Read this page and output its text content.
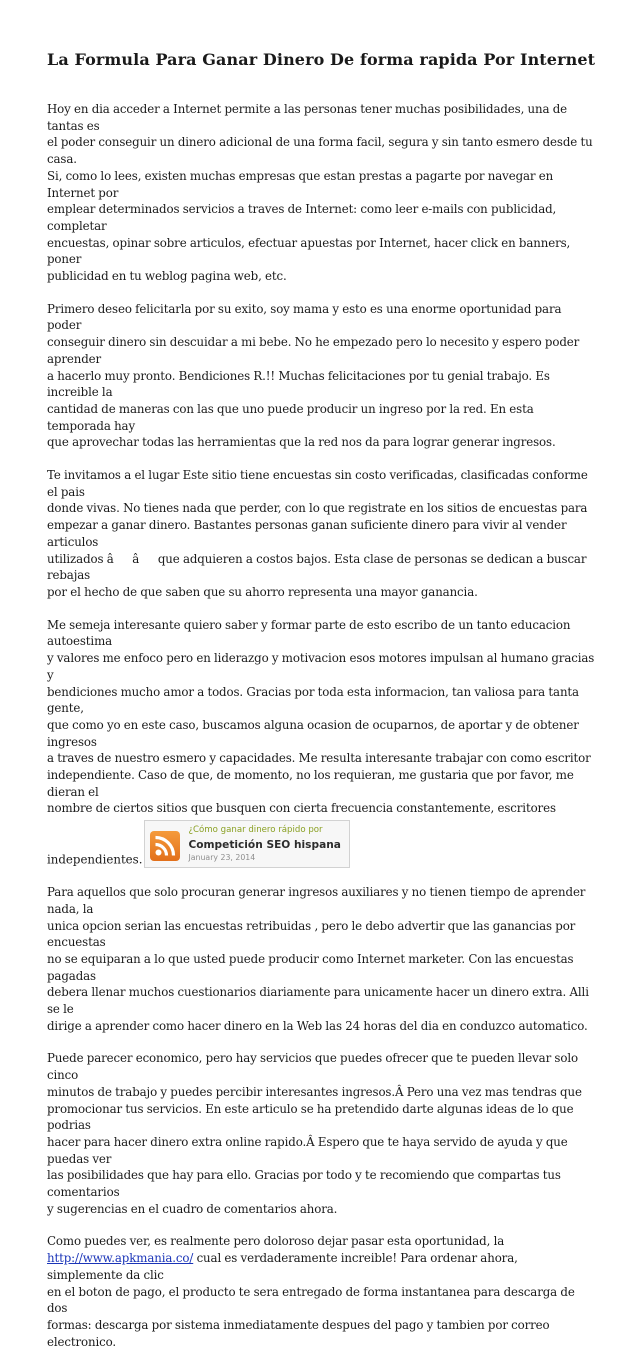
La Formula Para Ganar Dinero De forma rapida Por Internet

Hoy en dia acceder a Internet permite a las personas tener muchas posibilidades, una de tantas es
el poder conseguir un dinero adicional de una forma facil, segura y sin tanto esmero desde tu casa.
Si, como lo lees, existen muchas empresas que estan prestas a pagarte por navegar en Internet por
emplear determinados servicios a traves de Internet: como leer e-mails con publicidad, completar
encuestas, opinar sobre articulos, efectuar apuestas por Internet, hacer click en banners, poner
publicidad en tu weblog pagina web, etc.

Primero deseo felicitarla por su exito, soy mama y esto es una enorme oportunidad para poder
conseguir dinero sin descuidar a mi bebe. No he empezado pero lo necesito y espero poder aprender
a hacerlo muy pronto. Bendiciones R.!! Muchas felicitaciones por tu genial trabajo. Es increible la
cantidad de maneras con las que uno puede producir un ingreso por la red. En esta temporada hay
que aprovechar todas las herramientas que la red nos da para lograr generar ingresos.

Te invitamos a el lugar Este sitio tiene encuestas sin costo verificadas, clasificadas conforme el pais
donde vivas. No tienes nada que perder, con lo que registrate en los sitios de encuestas para
empezar a ganar dinero. Bastantes personas ganan suficiente dinero para vivir al vender articulos
utilizados ââque adquieren a costos bajos. Esta clase de personas se dedican a buscar rebajas
por el hecho de que saben que su ahorro representa una mayor ganancia.

Me semeja interesante quiero saber y formar parte de esto escribo de un tanto educacion autoestima
y valores me enfoco pero en liderazgo y motivacion esos motores impulsan al humano gracias y
bendiciones mucho amor a todos. Gracias por toda esta informacion, tan valiosa para tanta gente,
que como yo en este caso, buscamos alguna ocasion de ocuparnos, de aportar y de obtener ingresos
a traves de nuestro esmero y capacidades. Me resulta interesante trabajar con como escritor
independiente. Caso de que, de momento, no los requieran, me gustaria que por favor, me dieran el
nombre de ciertos sitios que busquen con cierta frecuencia constantemente, escritores

independientes.
¿Cómo ganar dinero rápido por
Competición SEO hispana
January 23, 2014

Para aquellos que solo procuran generar ingresos auxiliares y no tienen tiempo de aprender nada, la
unica opcion serian las encuestas retribuidas , pero le debo advertir que las ganancias por encuestas
no se equiparan a lo que usted puede producir como Internet marketer. Con las encuestas pagadas
debera llenar muchos cuestionarios diariamente para unicamente hacer un dinero extra. Alli se le
dirige a aprender como hacer dinero en la Web las 24 horas del dia en conduzco automatico.

Puede parecer economico, pero hay servicios que puedes ofrecer que te pueden llevar solo cinco
minutos de trabajo y puedes percibir interesantes ingresos.Â Pero una vez mas tendras que
promocionar tus servicios. En este articulo se ha pretendido darte algunas ideas de lo que podrias
hacer para hacer dinero extra online rapido.Â Espero que te haya servido de ayuda y que puedas ver
las posibilidades que hay para ello. Gracias por todo y te recomiendo que compartas tus comentarios
y sugerencias en el cuadro de comentarios ahora.

Como puedes ver, es realmente pero doloroso dejar pasar esta oportunidad, la
http://www.apkmania.co/ cual es verdaderamente increible! Para ordenar ahora, simplemente da clic
en el boton de pago, el producto te sera entregado de forma instantanea para descarga de dos
formas: descarga por sistema inmediatamente despues del pago y tambien por correo electronico.
